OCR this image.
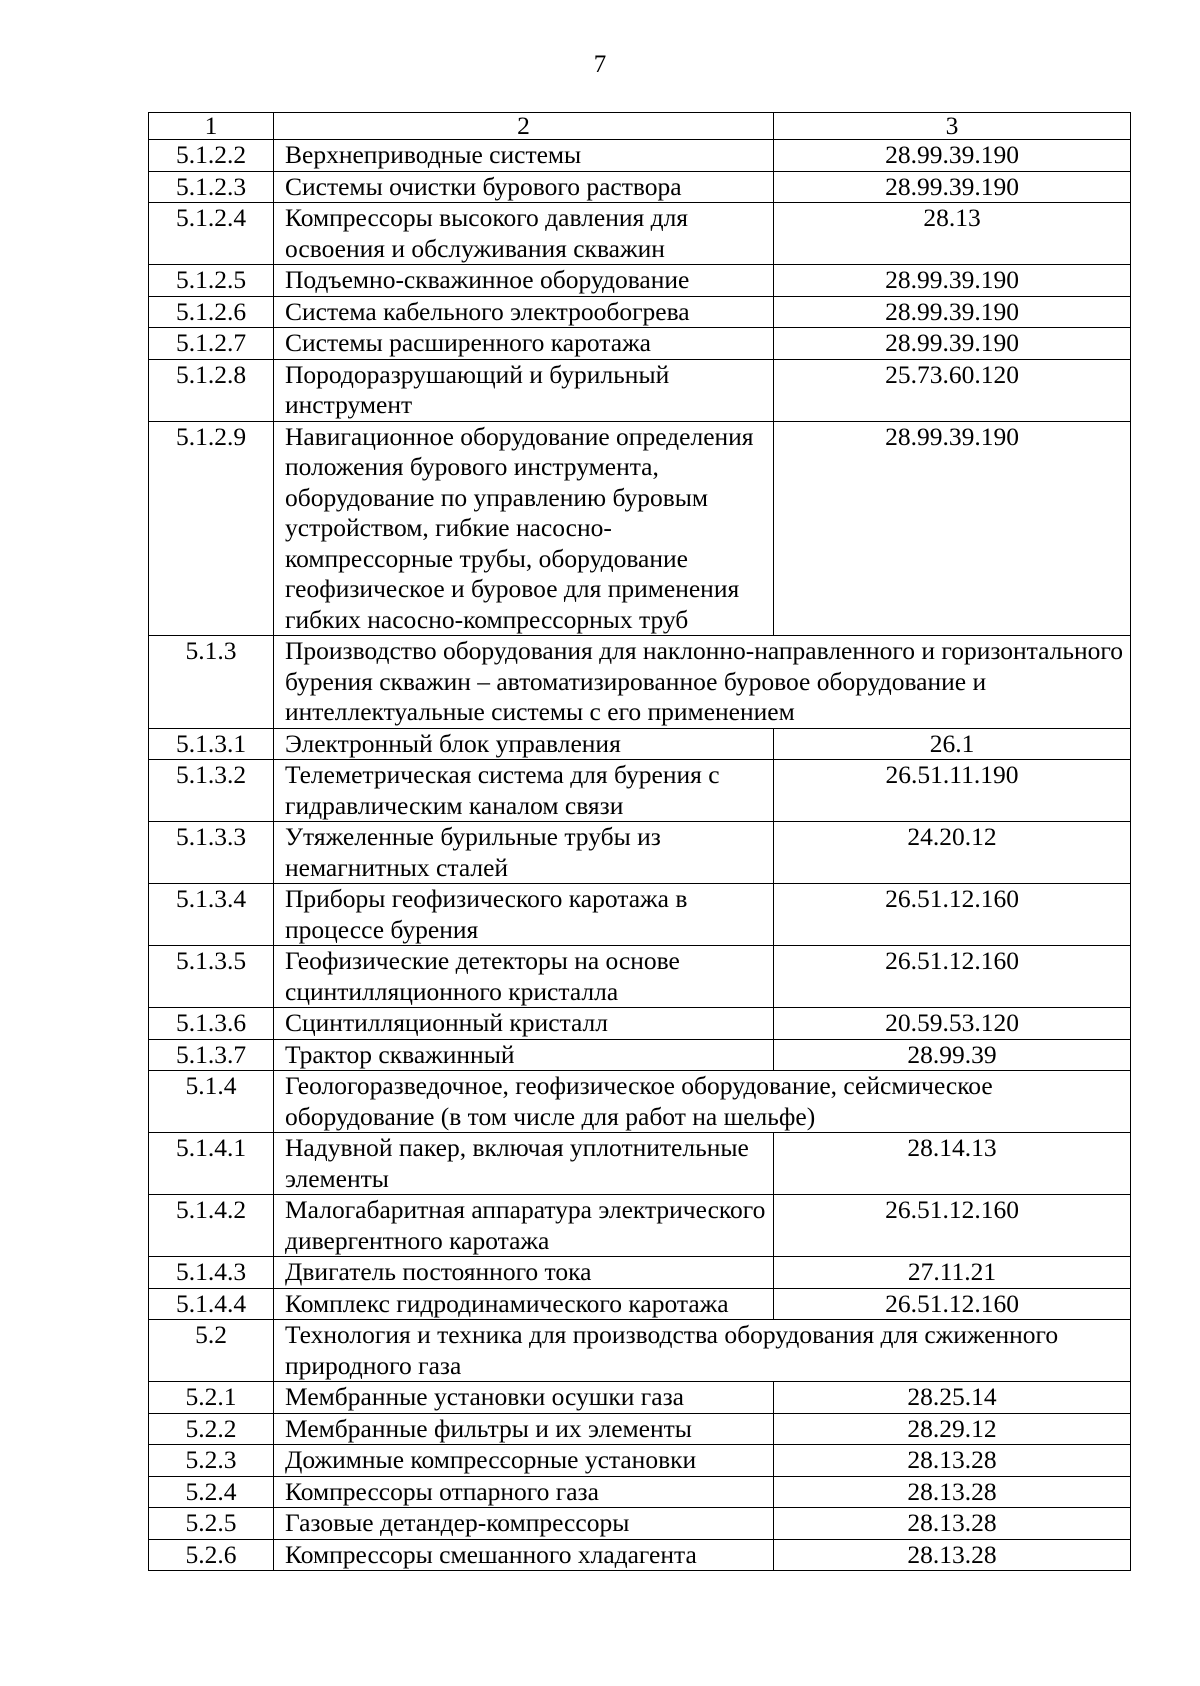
7
1	2	3
5.1.2.2	Верхнеприводные системы	28.99.39.190
5.1.2.3	Системы очистки бурового раствора	28.99.39.190
5.1.2.4	Компрессоры высокого давления для освоения и обслуживания скважин	28.13
5.1.2.5	Подъемно-скважинное оборудование	28.99.39.190
5.1.2.6	Система кабельного электрообогрева	28.99.39.190
5.1.2.7	Системы расширенного каротажа	28.99.39.190
5.1.2.8	Породоразрушающий и бурильный инструмент	25.73.60.120
5.1.2.9	Навигационное оборудование определения положения бурового инструмента, оборудование по управлению буровым устройством, гибкие насосно-компрессорные трубы, оборудование геофизическое и буровое для применения гибких насосно-компрессорных труб	28.99.39.190
5.1.3	Производство оборудования для наклонно-направленного и горизонтального бурения скважин – автоматизированное буровое оборудование и интеллектуальные системы с его применением	
5.1.3.1	Электронный блок управления	26.1
5.1.3.2	Телеметрическая система для бурения с гидравлическим каналом связи	26.51.11.190
5.1.3.3	Утяжеленные бурильные трубы из немагнитных сталей	24.20.12
5.1.3.4	Приборы геофизического каротажа в процессе бурения	26.51.12.160
5.1.3.5	Геофизические детекторы на основе сцинтилляционного кристалла	26.51.12.160
5.1.3.6	Сцинтилляционный кристалл	20.59.53.120
5.1.3.7	Трактор скважинный	28.99.39
5.1.4	Геологоразведочное, геофизическое оборудование, сейсмическое оборудование (в том числе для работ на шельфе)	
5.1.4.1	Надувной пакер, включая уплотнительные элементы	28.14.13
5.1.4.2	Малогабаритная аппаратура электрического дивергентного каротажа	26.51.12.160
5.1.4.3	Двигатель постоянного тока	27.11.21
5.1.4.4	Комплекс гидродинамического каротажа	26.51.12.160
5.2	Технология и техника для производства оборудования для сжиженного природного газа	
5.2.1	Мембранные установки осушки газа	28.25.14
5.2.2	Мембранные фильтры и их элементы	28.29.12
5.2.3	Дожимные компрессорные установки	28.13.28
5.2.4	Компрессоры отпарного газа	28.13.28
5.2.5	Газовые детандер-компрессоры	28.13.28
5.2.6	Компрессоры смешанного хладагента	28.13.28
